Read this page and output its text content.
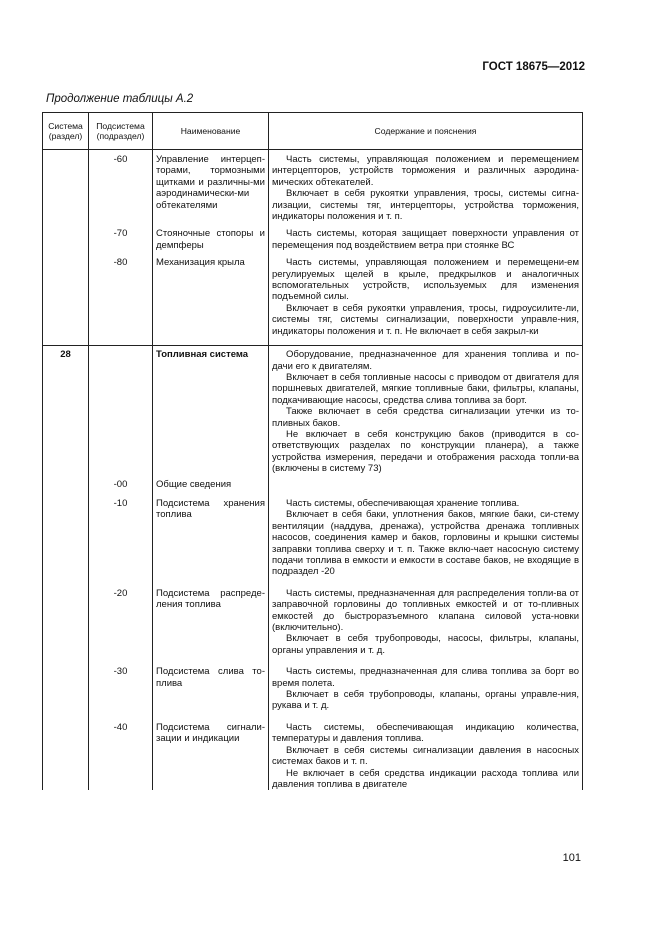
ГОСТ 18675—2012
Продолжение таблицы А.2
Система (раздел)	Подсистема (подраздел)	Наименование	Содержание и пояснения
	-60	Управление интерцеп-торами, тормозными щитками и различны-ми аэродинамически-ми обтекателями	Часть системы, управляющая положением и перемещением интерцепторов, устройств торможения и различных аэродина-мических обтекателей.

Включает в себя рукоятки управления, тросы, системы сигна-лизации, системы тяг, интерцепторы, устройства торможения, индикаторы положения и т. п.

	-70	Стояночные стопоры и демпферы	Часть системы, которая защищает поверхности управления от перемещения под воздействием ветра при стоянке ВС

	-80	Механизация крыла	Часть системы, управляющая положением и перемещени-ем регулируемых щелей в крыле, предкрылков и аналогичных вспомогательных устройств, используемых для изменения подъемной силы.

Включает в себя рукоятки управления, тросы, гидроусилите-ли, системы тяг, системы сигнализации, поверхности управле-ния, индикаторы положения и т. п. Не включает в себя закрыл-ки

28		Топливная система	Оборудование, предназначенное для хранения топлива и по-дачи его к двигателям.

Включает в себя топливные насосы с приводом от двигателя для поршневых двигателей, мягкие топливные баки, фильтры, клапаны, подкачивающие насосы, средства слива топлива за борт.

Также включает в себя средства сигнализации утечки из то-пливных баков.

Не включает в себя конструкцию баков (приводится в со-ответствующих разделах по конструкции планера), а также устройства измерения, передачи и отображения расхода топли-ва (включены в систему 73)

	-00	Общие сведения	
	-10	Подсистема хранения топлива	Часть системы, обеспечивающая хранение топлива.

Включает в себя баки, уплотнения баков, мягкие баки, си-стему вентиляции (наддува, дренажа), устройства дренажа топливных насосов, соединения камер и баков, горловины и крышки системы заправки топлива сверху и т. п. Также вклю-чает насосную систему подачи топлива в емкости и емкости в составе баков, не входящие в подраздел -20

	-20	Подсистема распреде-ления топлива	Часть системы, предназначенная для распределения топли-ва от заправочной горловины до топливных емкостей и от то-пливных емкостей до быстроразъемного клапана силовой уста-новки (включительно).

Включает в себя трубопроводы, насосы, фильтры, клапаны, органы управления и т. д.

	-30	Подсистема слива то-плива	Часть системы, предназначенная для слива топлива за борт во время полета.

Включает в себя трубопроводы, клапаны, органы управле-ния, рукава и т. д.

	-40	Подсистема сигнали-зации и индикации	Часть системы, обеспечивающая индикацию количества, температуры и давления топлива.

Включает в себя системы сигнализации давления в насосных системах баков и т. п.

Не включает в себя средства индикации расхода топлива или давления топлива в двигателе

101
